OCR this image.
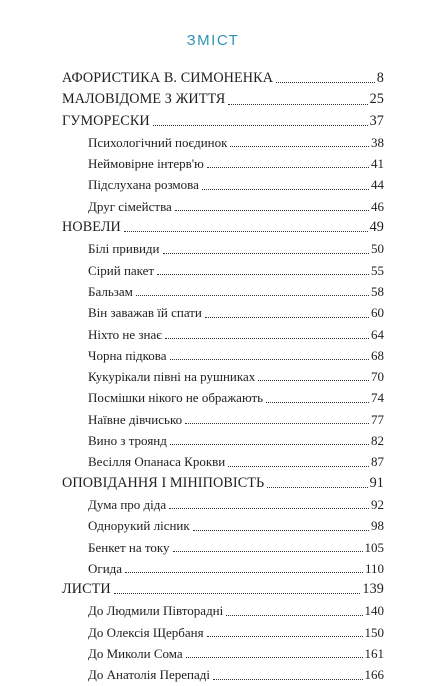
ЗМІСТ
АФОРИСТИКА В. СИМОНЕНКА	8
МАЛОВІДОМЕ З ЖИТТЯ	25
ГУМОРЕСКИ	37
Психологічний поєдинок	38
Неймовірне інтерв'ю	41
Підслухана розмова	44
Друг сімейства	46
НОВЕЛИ	49
Білі привиди	50
Сірий пакет	55
Бальзам	58
Він заважав їй спати	60
Ніхто не знає	64
Чорна підкова	68
Кукурікали півні на рушниках	70
Посмішки нікого не ображають	74
Наївне дівчисько	77
Вино з троянд	82
Весілля Опанаса Крокви	87
ОПОВІДАННЯ І МІНІПОВІСТЬ	91
Дума про діда	92
Однорукий лісник	98
Бенкет на току	105
Огида	110
ЛИСТИ	139
До Людмили Півторадні	140
До Олексія Щербаня	150
До Миколи Сома	161
До Анатолія Перепаді	166
